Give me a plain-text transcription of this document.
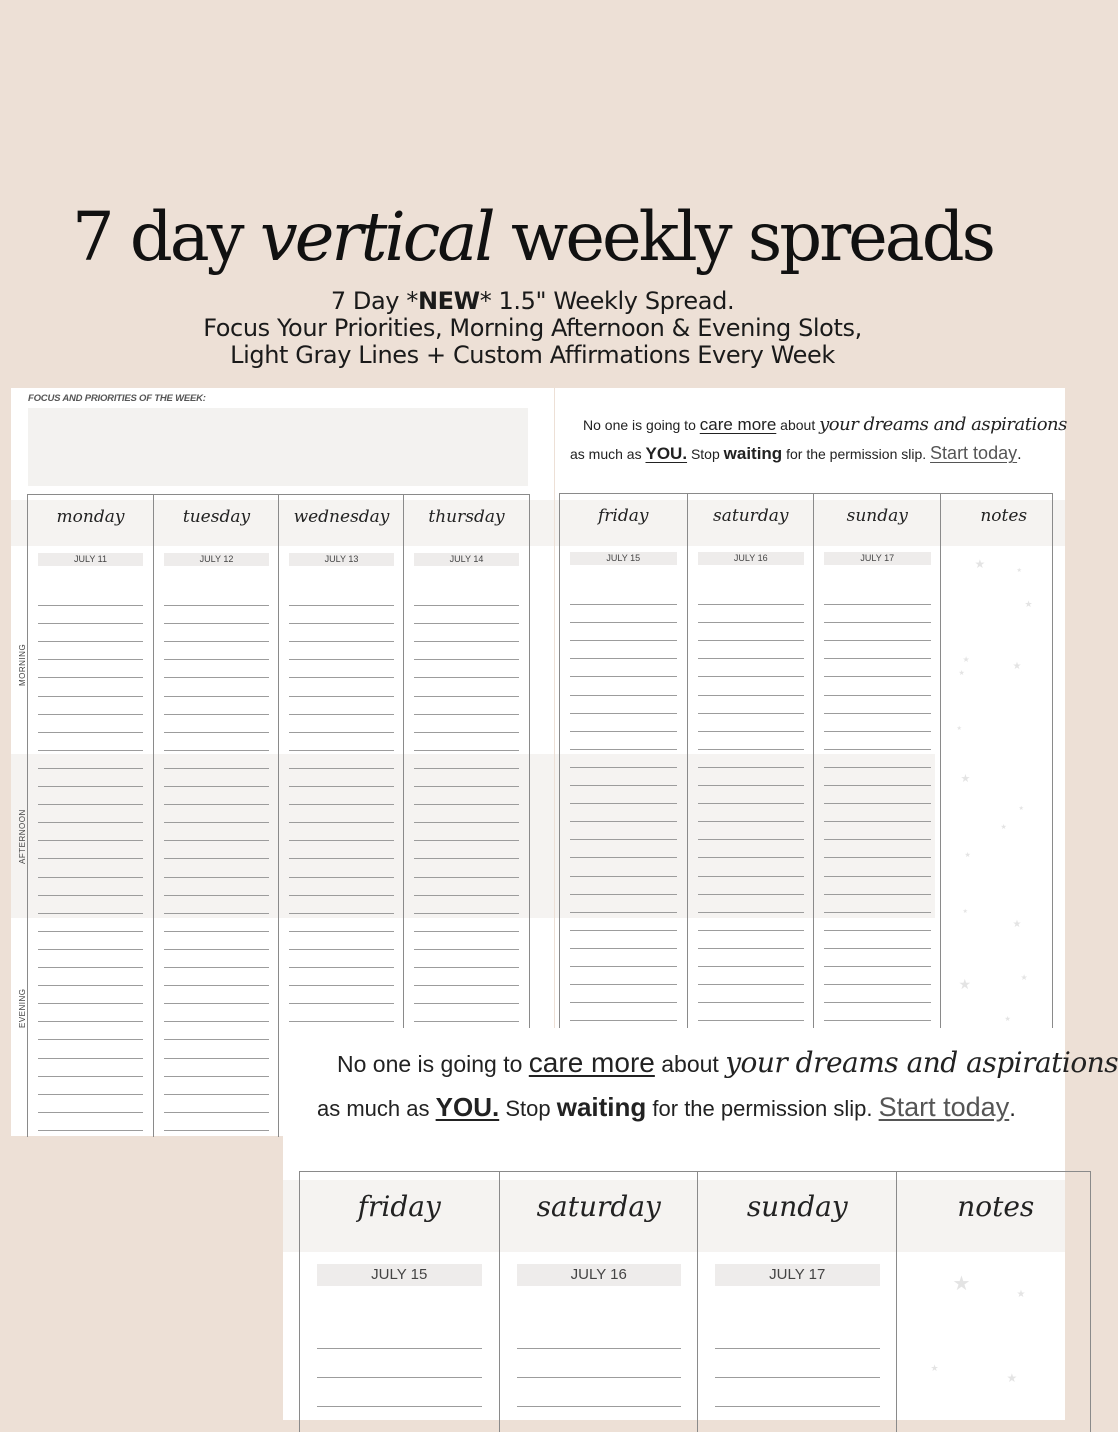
7 day vertical weekly spreads
7 Day *NEW* 1.5" Weekly Spread.
Focus Your Priorities, Morning Afternoon & Evening Slots,
Light Gray Lines + Custom Affirmations Every Week
FOCUS AND PRIORITIES OF THE WEEK:
MORNING
AFTERNOON
EVENING
monday
JULY 11
tuesday
JULY 12
wednesday
JULY 13
thursday
JULY 14
No one is going to care more about your dreams and aspirations
as much as YOU. Stop waiting for the permission slip. Start today.
friday
JULY 15
saturday
JULY 16
sunday
JULY 17
notes
★	★
★
★
★
★
★
★
★
★
★
★
★
★
★
★
No one is going to care more about your dreams and aspirations
as much as YOU. Stop waiting for the permission slip. Start today.
friday
JULY 15
saturday
JULY 16
sunday
JULY 17
notes
★	★
★
★
